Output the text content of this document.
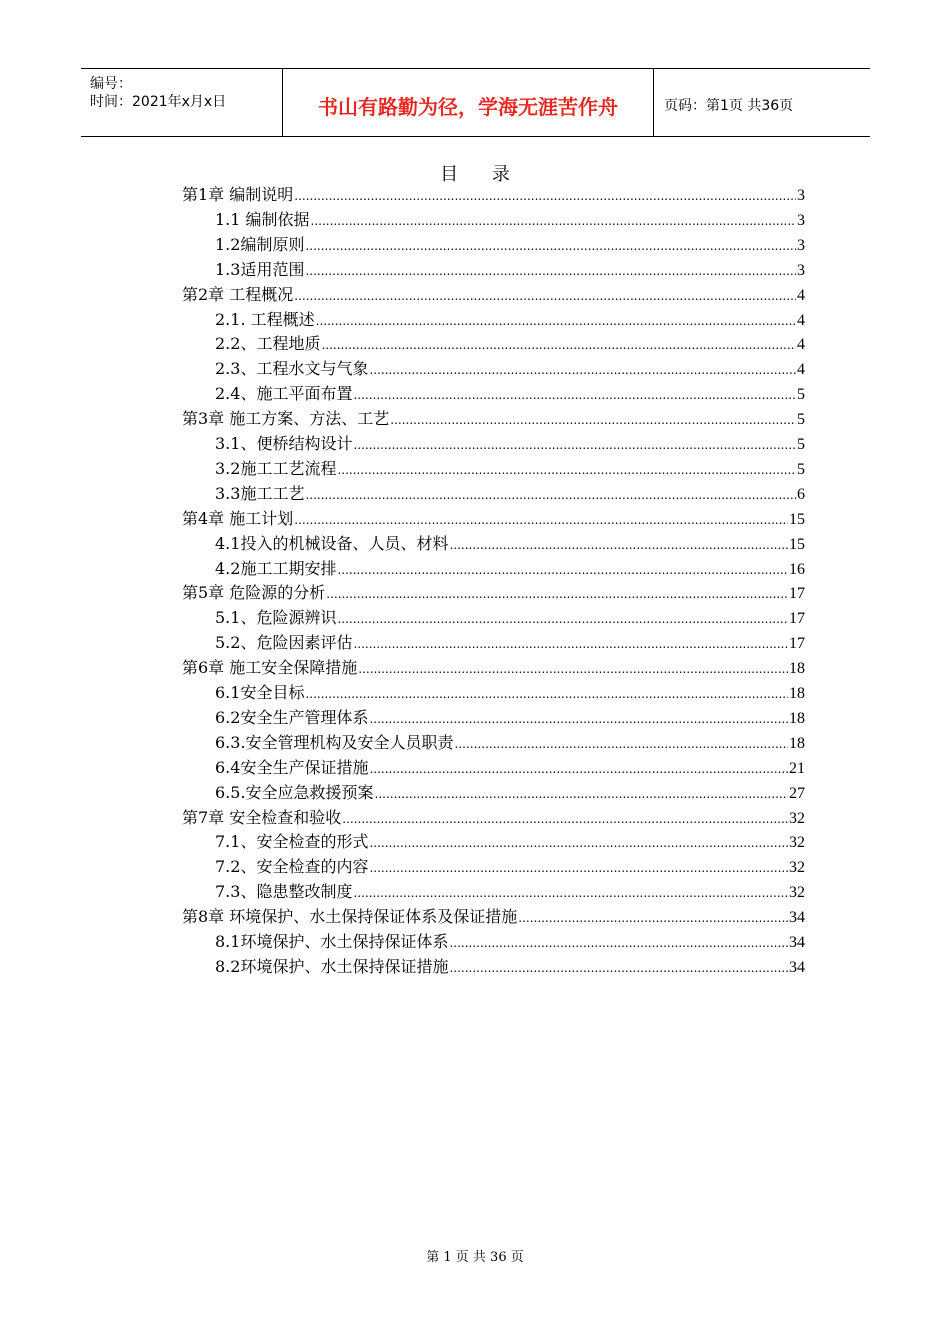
编号：
时间：2021年x月x日	书山有路勤为径，学海无涯苦作舟	页码：第1页 共36页
目 录
第1章 编制说明 .....	3
1.1 编制依据 .....	3
1.2编制原则 .....	3
1.3适用范围 .....	3
第2章 工程概况 .....	4
2.1. 工程概述 .....	4
2.2、工程地质 .....	4
2.3、工程水文与气象 .....	4
2.4、施工平面布置 .....	5
第3章 施工方案、方法、工艺 .....	5
3.1、便桥结构设计 .....	5
3.2施工工艺流程 .....	5
3.3施工工艺 .....	6
第4章 施工计划 .....	15
4.1投入的机械设备、人员、材料 .....	15
4.2施工工期安排 .....	16
第5章 危险源的分析 .....	17
5.1、危险源辨识 .....	17
5.2、危险因素评估 .....	17
第6章 施工安全保障措施 .....	18
6.1安全目标 .....	18
6.2安全生产管理体系 .....	18
6.3.安全管理机构及安全人员职责 .....	18
6.4安全生产保证措施 .....	21
6.5.安全应急救援预案 .....	27
第7章 安全检查和验收 .....	32
7.1、安全检查的形式 .....	32
7.2、安全检查的内容 .....	32
7.3、隐患整改制度 .....	32
第8章 环境保护、水土保持保证体系及保证措施 .....	34
8.1环境保护、水土保持保证体系 .....	34
8.2环境保护、水土保持保证措施 .....	34
第 1 页 共 36 页
